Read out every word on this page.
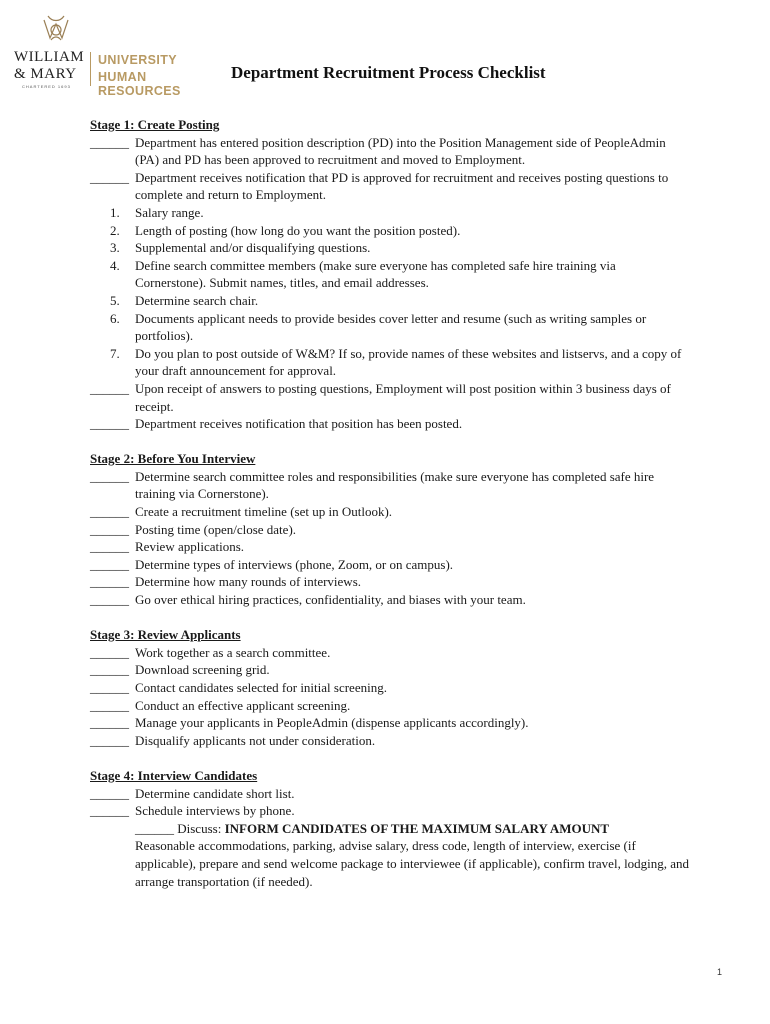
WILLIAM
& MARY
CHARTERED 1693
UNIVERSITY
HUMAN RESOURCES
Department Recruitment Process Checklist

Stage 1: Create Posting

______ Department has entered position description (PD) into the Position Management side of PeopleAdmin (PA) and PD has been approved to recruitment and moved to Employment.
______ Department receives notification that PD is approved for recruitment and receives posting questions to complete and return to Employment.
1.	Salary range.
2.	Length of posting (how long do you want the position posted).
3.	Supplemental and/or disqualifying questions.
4.	Define search committee members (make sure everyone has completed safe hire training via Cornerstone). Submit names, titles, and email addresses.
5.	Determine search chair.
6.	Documents applicant needs to provide besides cover letter and resume (such as writing samples or portfolios).
7.	Do you plan to post outside of W&M? If so, provide names of these websites and listservs, and a copy of your draft announcement for approval.
______ Upon receipt of answers to posting questions, Employment will post position within 3 business days of receipt.
______ Department receives notification that position has been posted.

Stage 2: Before You Interview

______ Determine search committee roles and responsibilities (make sure everyone has completed safe hire training via Cornerstone).
______ Create a recruitment timeline (set up in Outlook).
______ Posting time (open/close date).
______ Review applications.
______ Determine types of interviews (phone, Zoom, or on campus).
______ Determine how many rounds of interviews.
______ Go over ethical hiring practices, confidentiality, and biases with your team.

Stage 3: Review Applicants

______ Work together as a search committee.
______ Download screening grid.
______ Contact candidates selected for initial screening.
______ Conduct an effective applicant screening.
______ Manage your applicants in PeopleAdmin (dispense applicants accordingly).
______ Disqualify applicants not under consideration.

Stage 4: Interview Candidates

______ Determine candidate short list.
______ Schedule interviews by phone.
______ Discuss: INFORM CANDIDATES OF THE MAXIMUM SALARY AMOUNT
Reasonable accommodations, parking, advise salary, dress code, length of interview, exercise (if applicable), prepare and send welcome package to interviewee (if applicable), confirm travel, lodging, and arrange transportation (if needed).
1
